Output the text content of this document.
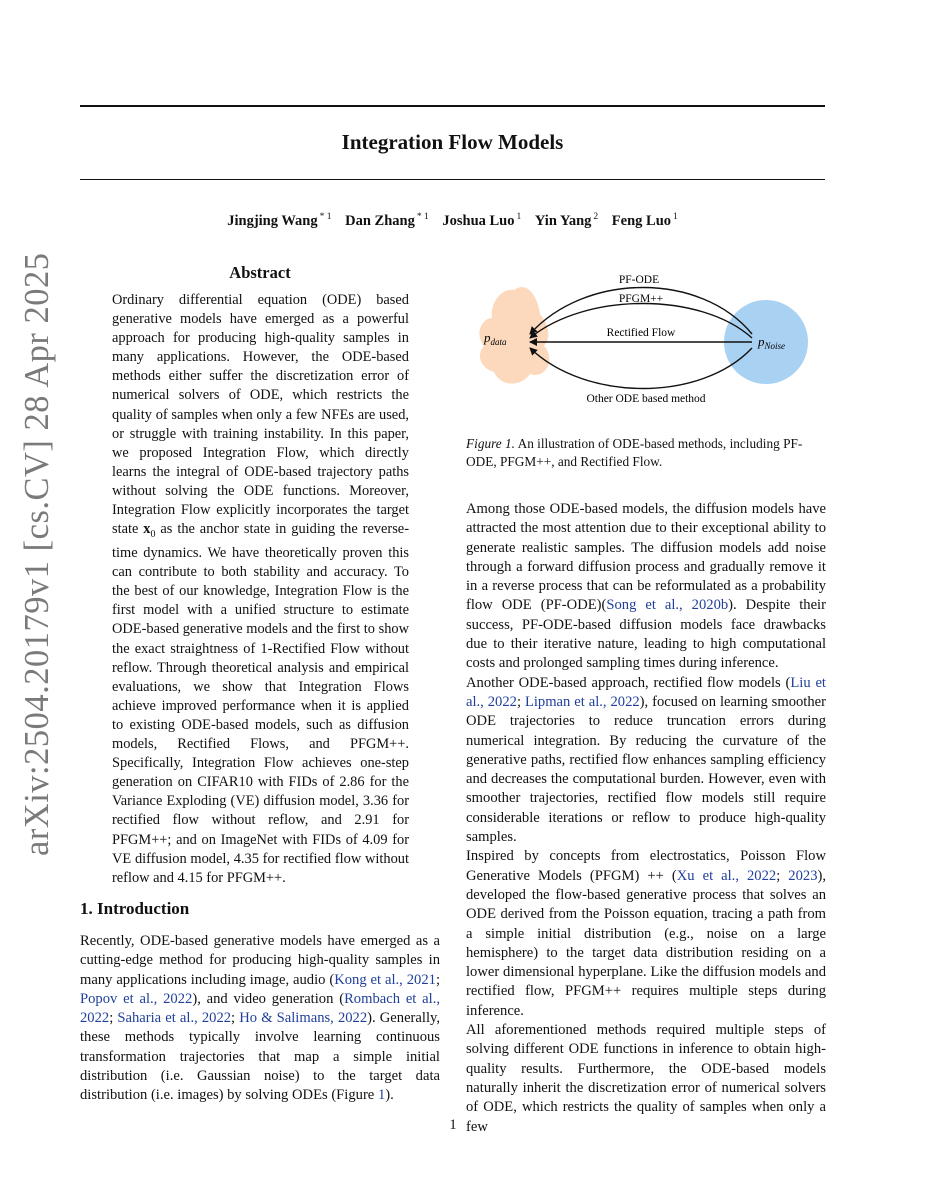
Integration Flow Models
Jingjing Wang $^{* 1}$ Dan Zhang $^{* 1}$ Joshua Luo $^1$ Yin Yang $^2$ Feng Luo $^1$
arXiv:2504.20179v1 [cs.CV] 28 Apr 2025	Abstract
Ordinary differential equation (ODE) based generative models have emerged as a powerful approach for producing high-quality samples in many applications. However, the ODE-based methods either suffer the discretization error of numerical solvers of ODE, which restricts the quality of samples when only a few NFEs are used, or struggle with training instability. In this paper, we proposed Integration Flow, which directly learns the integral of ODE-based trajectory paths without solving the ODE functions. Moreover, Integration Flow explicitly incorporates the target state $x_0$ as the anchor state in guiding the reverse-time dynamics. We have theoretically proven this can contribute to both stability and accuracy. To the best of our knowledge, Integration Flow is the first model with a unified structure to estimate ODE-based generative models and the first to show the exact straightness of 1-Rectified Flow without reflow. Through theoretical analysis and empirical evaluations, we show that Integration Flows achieve improved performance when it is applied to existing ODE-based models, such as diffusion models, Rectified Flows, and PFGM++. Specifically, Integration Flow achieves one-step generation on CIFAR10 with FIDs of 2.86 for the Variance Exploding (VE) diffusion model, 3.36 for rectified flow without reflow, and 2.91 for PFGM++; and on ImageNet with FIDs of 4.09 for VE diffusion model, 4.35 for rectified flow without reflow and 4.15 for PFGM++.
PF-ODE
PFGM++
Rectified Flow
Other ODE based method
$p_{data}$	$p_{Noise}$
Figure 1. An illustration of ODE-based methods, including PF-ODE, PFGM++, and Rectified Flow.
1. Introduction
Recently, ODE-based generative models have emerged as a cutting-edge method for producing high-quality samples in many applications including image, audio (Kong et al., 2021; Popov et al., 2022), and video generation (Rombach et al., 2022; Saharia et al., 2022; Ho & Salimans, 2022). Generally, these methods typically involve learning continuous transformation trajectories that map a simple initial distribution (i.e. Gaussian noise) to the target data distribution (i.e. images) by solving ODEs (Figure 1).

Among those ODE-based models, the diffusion models have attracted the most attention due to their exceptional ability to generate realistic samples. The diffusion models add noise through a forward diffusion process and gradually remove it in a reverse process that can be reformulated as a probability flow ODE (PF-ODE)(Song et al., 2020b). Despite their success, PF-ODE-based diffusion models face drawbacks due to their iterative nature, leading to high computational costs and prolonged sampling times during inference.

Another ODE-based approach, rectified flow models (Liu et al., 2022; Lipman et al., 2022), focused on learning smoother ODE trajectories to reduce truncation errors during numerical integration. By reducing the curvature of the generative paths, rectified flow enhances sampling efficiency and decreases the computational burden. However, even with smoother trajectories, rectified flow models still require considerable iterations or reflow to produce high-quality samples.

Inspired by concepts from electrostatics, Poisson Flow Generative Models (PFGM) ++ (Xu et al., 2022; 2023), developed the flow-based generative process that solves an ODE derived from the Poisson equation, tracing a path from a simple initial distribution (e.g., noise on a large hemisphere) to the target data distribution residing on a lower dimensional hyperplane. Like the diffusion models and rectified flow, PFGM++ requires multiple steps during inference.

All aforementioned methods required multiple steps of solving different ODE functions in inference to obtain high-quality results. Furthermore, the ODE-based models naturally inherit the discretization error of numerical solvers of ODE, which restricts the quality of samples when only a few

1
